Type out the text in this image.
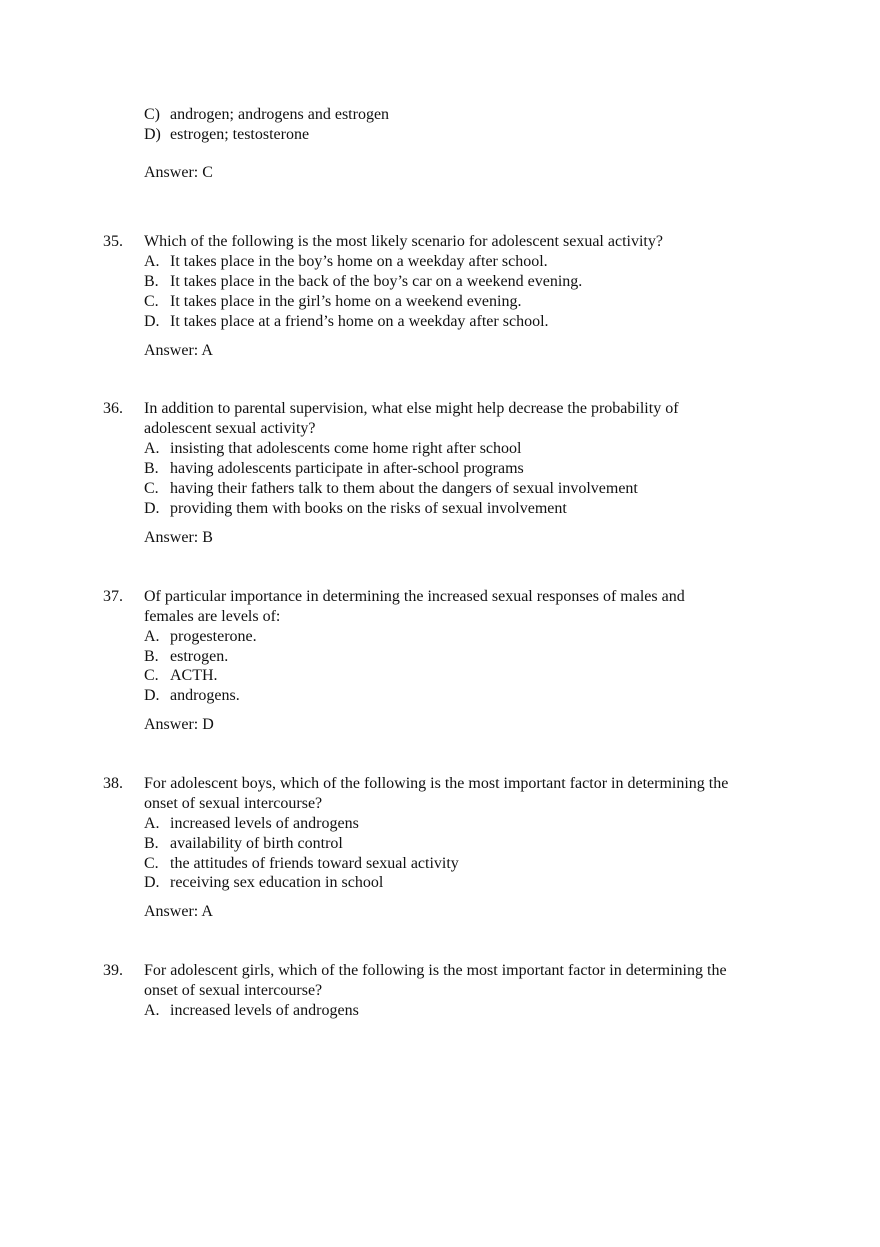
C) androgen; androgens and estrogen
D) estrogen; testosterone
Answer: C
35. Which of the following is the most likely scenario for adolescent sexual activity?
A. It takes place in the boy’s home on a weekday after school.
B. It takes place in the back of the boy’s car on a weekend evening.
C. It takes place in the girl’s home on a weekend evening.
D. It takes place at a friend’s home on a weekday after school.
Answer: A
36. In addition to parental supervision, what else might help decrease the probability of
adolescent sexual activity?
A. insisting that adolescents come home right after school
B. having adolescents participate in after-school programs
C. having their fathers talk to them about the dangers of sexual involvement
D. providing them with books on the risks of sexual involvement
Answer: B
37. Of particular importance in determining the increased sexual responses of males and
females are levels of:
A. progesterone.
B. estrogen.
C. ACTH.
D. androgens.
Answer: D
38. For adolescent boys, which of the following is the most important factor in determining the
onset of sexual intercourse?
A. increased levels of androgens
B. availability of birth control
C. the attitudes of friends toward sexual activity
D. receiving sex education in school
Answer: A
39. For adolescent girls, which of the following is the most important factor in determining the
onset of sexual intercourse?
A. increased levels of androgens
